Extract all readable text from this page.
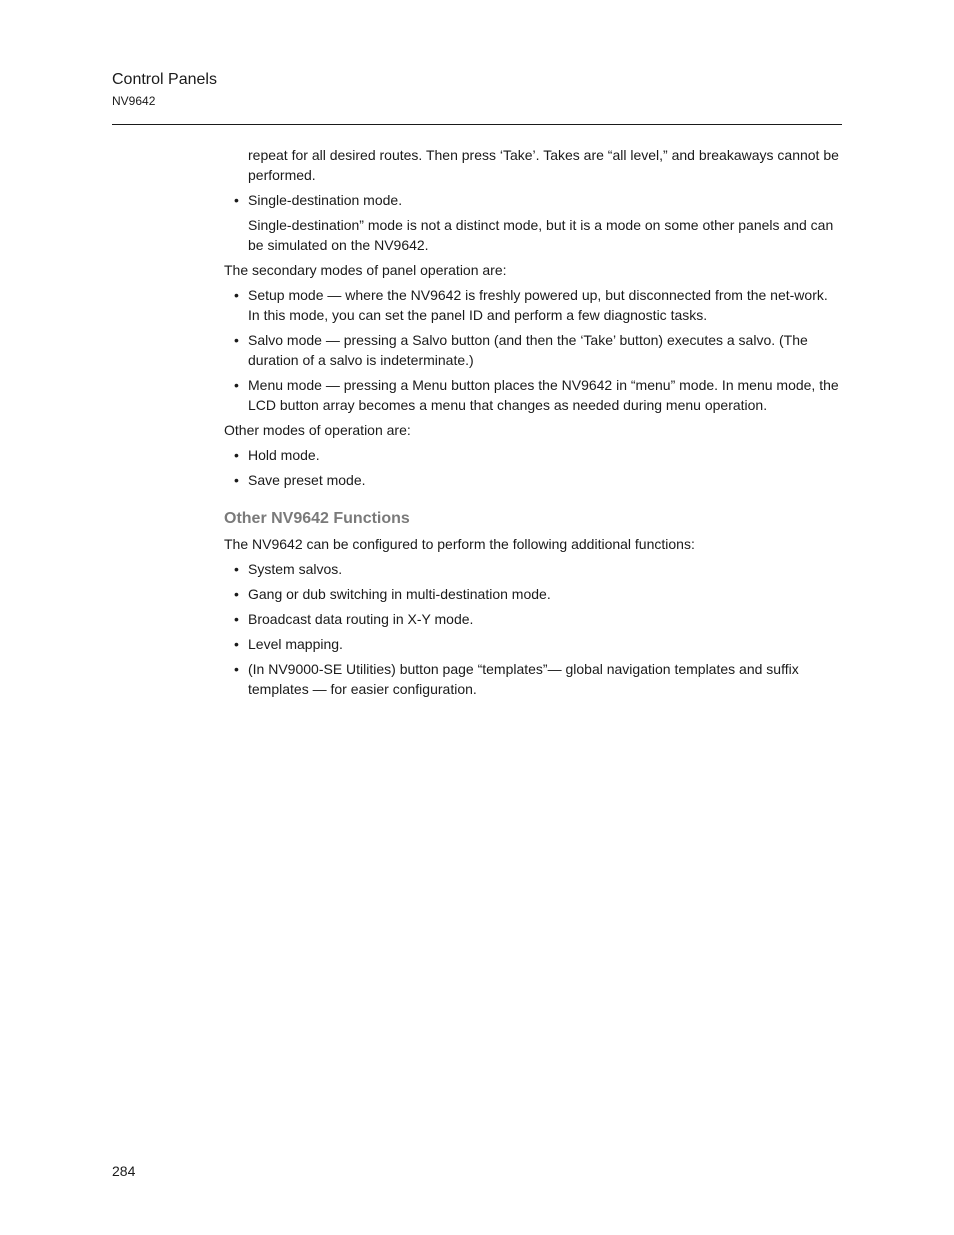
Control Panels
NV9642

repeat for all desired routes. Then press ‘Take’. Takes are “all level,” and breakaways cannot be performed.

• Single-destination mode.

Single-destination” mode is not a distinct mode, but it is a mode on some other panels and can be simulated on the NV9642.

The secondary modes of panel operation are:

• Setup mode — where the NV9642 is freshly powered up, but disconnected from the net-work. In this mode, you can set the panel ID and perform a few diagnostic tasks.
• Salvo mode — pressing a Salvo button (and then the ‘Take’ button) executes a salvo. (The duration of a salvo is indeterminate.)
• Menu mode — pressing a Menu button places the NV9642 in “menu” mode. In menu mode, the LCD button array becomes a menu that changes as needed during menu operation.

Other modes of operation are:

• Hold mode.
• Save preset mode.
Other NV9642 Functions

The NV9642 can be configured to perform the following additional functions:

• System salvos.
• Gang or dub switching in multi-destination mode.
• Broadcast data routing in X-Y mode.
• Level mapping.
• (In NV9000-SE Utilities) button page “templates”— global navigation templates and suffix templates — for easier configuration.
284
